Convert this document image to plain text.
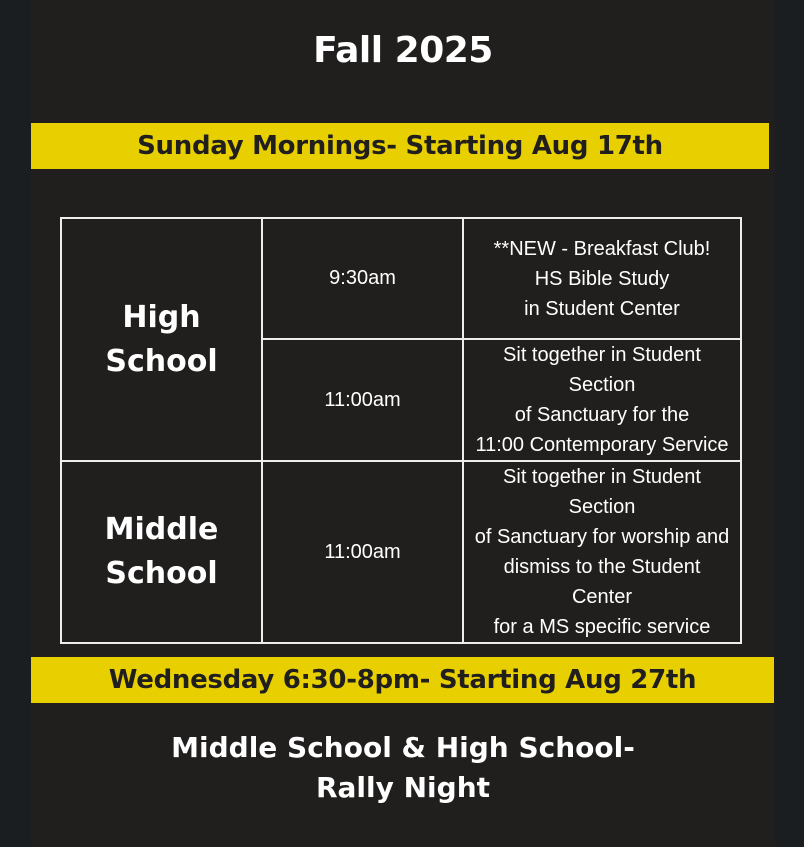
Fall 2025
Sunday Mornings- Starting Aug 17th
High
School	9:30am	**NEW - Breakfast Club!
HS Bible Study
in Student Center

	11:00am	Sit together in Student Section
of Sanctuary for the
11:00 Contemporary Service

Middle
School	11:00am	Sit together in Student Section
of Sanctuary for worship and
dismiss to the Student Center
for a MS specific service
Wednesday 6:30-8pm- Starting Aug 27th
Middle School & High School-
Rally Night
